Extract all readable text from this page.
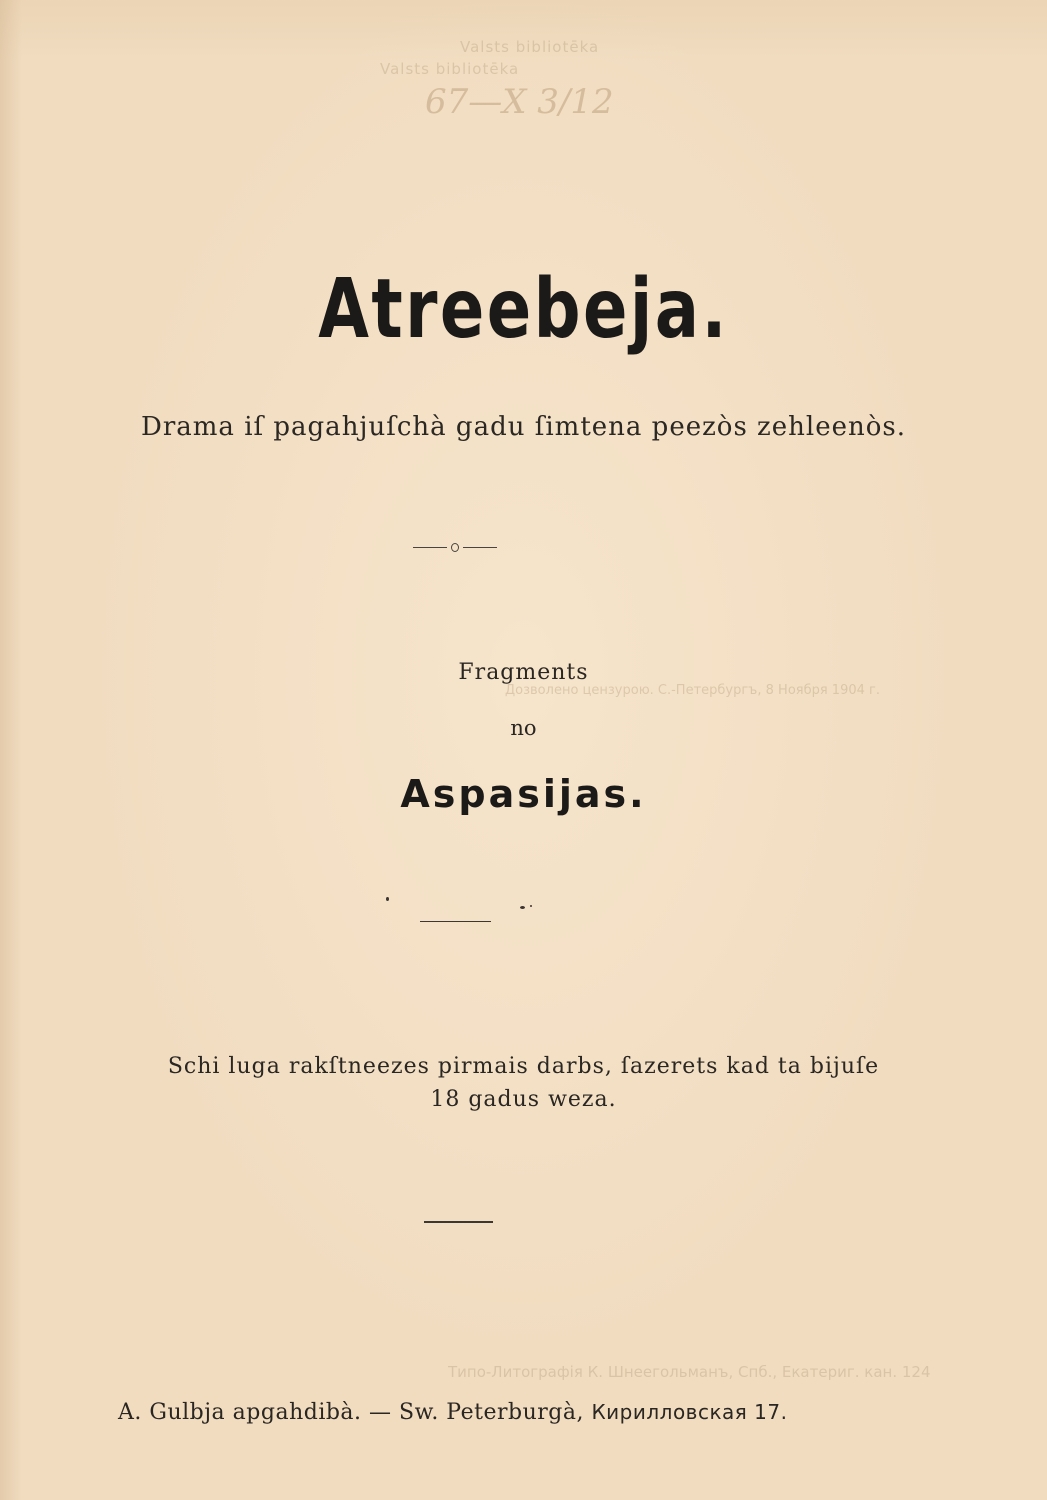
Valsts bibliotēka
Valsts bibliotēka
67—X 3/12
Дозволено цензурою. С.-Петербургъ, 8 Ноября 1904 г.
Atreebeja.
Drama iſ pagahjuſchà gadu ſimtena peezòs zehleenòs.
Fragments
no
Aspasijas.
Schi luga rakſtneezes pirmais darbs, ſazerets kad ta bijuſe
18 gadus weza.
Типо-Литографія К. Шнеегольманъ, Спб., Екатериг. кан. 124
A. Gulbja apgahdibà. — Sw. Peterburgà, Кирилловская 17.
